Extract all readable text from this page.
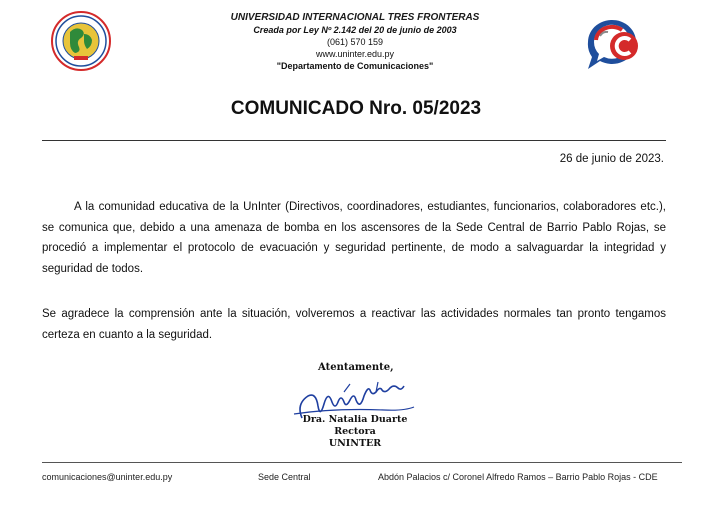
UNIVERSIDAD INTERNACIONAL TRES FRONTERAS
Creada por Ley Nº 2.142 del 20 de junio de 2003
(061) 570 159
www.uninter.edu.py
"Departamento de Comunicaciones"
COMUNICADO Nro. 05/2023
26 de junio de 2023.
A la comunidad educativa de la UnInter (Directivos, coordinadores, estudiantes, funcionarios, colaboradores etc.), se comunica que, debido a una amenaza de bomba en los ascensores de la Sede Central de Barrio Pablo Rojas, se procedió a implementar el protocolo de evacuación y seguridad pertinente, de modo a salvaguardar la integridad y seguridad de todos.
Se agradece la comprensión ante la situación, volveremos a reactivar las actividades normales tan pronto tengamos certeza en cuanto a la seguridad.
Atentamente,
Dra. Natalia Duarte
Rectora
UNINTER
comunicaciones@uninter.edu.py	Sede Central	Abdón Palacios c/ Coronel Alfredo Ramos – Barrio Pablo Rojas - CDE
